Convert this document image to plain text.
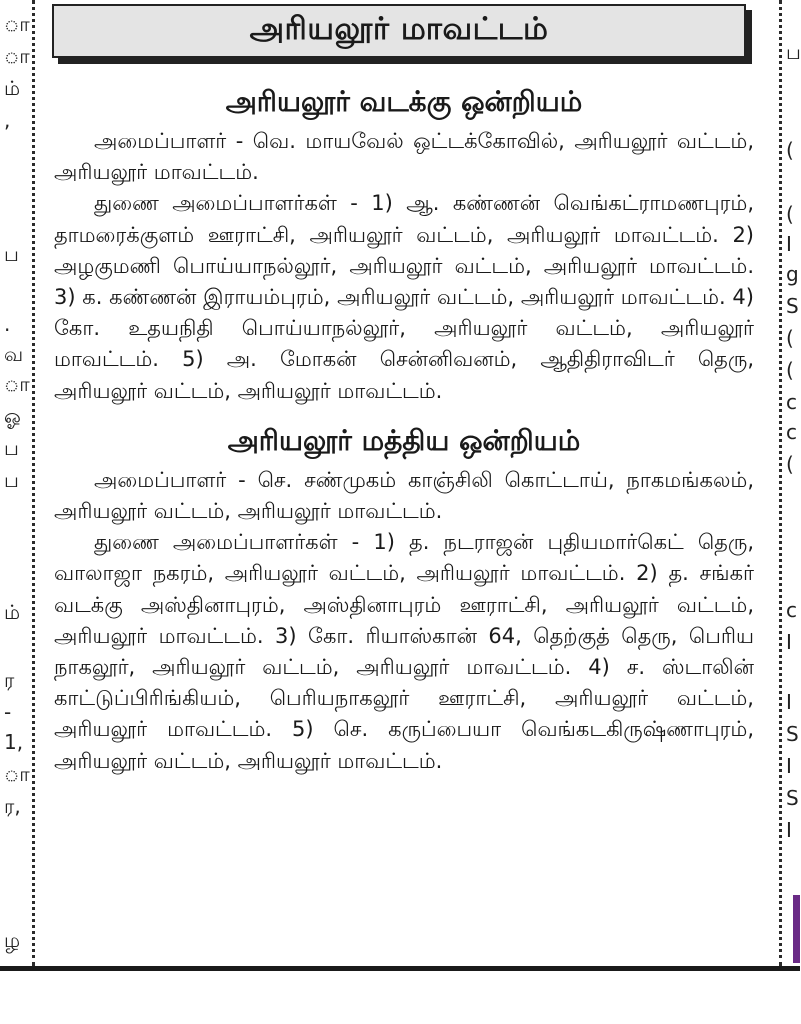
ா
ா
ம்
,
ப
.
வ
ா
ஓ
ப
ப
ம்
ர
-
1,
ா
ர,
ழ
ப
(
(
I
g
S
(
(
c
c
(
c
I
I
S
I
S
I
அரியலூர் மாவட்டம்
அரியலூர் வடக்கு ஒன்றியம்

அமைப்பாளர் - வெ. மாயவேல் ஒட்டக்கோவில், அரியலூர் வட்டம், அரியலூர் மாவட்டம்.

துணை அமைப்பாளர்கள் - 1) ஆ. கண்ணன் வெங்கட்ராமணபுரம், தாமரைக்குளம் ஊராட்சி, அரியலூர் வட்டம், அரியலூர் மாவட்டம். 2) அழகுமணி பொய்யாநல்லூர், அரியலூர் வட்டம், அரியலூர் மாவட்டம். 3) க. கண்ணன் இராயம்புரம், அரியலூர் வட்டம், அரியலூர் மாவட்டம். 4) கோ. உதயநிதி பொய்யாநல்லூர், அரியலூர் வட்டம், அரியலூர் மாவட்டம். 5) அ. மோகன் சென்னிவனம், ஆதிதிராவிடர் தெரு, அரியலூர் வட்டம், அரியலூர் மாவட்டம்.

அரியலூர் மத்திய ஒன்றியம்

அமைப்பாளர் - செ. சண்முகம் காஞ்சிலி கொட்டாய், நாகமங்கலம், அரியலூர் வட்டம், அரியலூர் மாவட்டம்.

துணை அமைப்பாளர்கள் - 1) த. நடராஜன் புதியமார்கெட் தெரு, வாலாஜா நகரம், அரியலூர் வட்டம், அரியலூர் மாவட்டம். 2) த. சங்கர் வடக்கு அஸ்தினாபுரம், அஸ்தினாபுரம் ஊராட்சி, அரியலூர் வட்டம், அரியலூர் மாவட்டம். 3) கோ. ரியாஸ்கான் 64, தெற்குத் தெரு, பெரிய நாகலூர், அரியலூர் வட்டம், அரியலூர் மாவட்டம். 4) ச. ஸ்டாலின் காட்டுப்பிரிங்கியம், பெரியநாகலூர் ஊராட்சி, அரியலூர் வட்டம், அரியலூர் மாவட்டம். 5) செ. கருப்பையா வெங்கடகிருஷ்ணாபுரம், அரியலூர் வட்டம், அரியலூர் மாவட்டம்.
